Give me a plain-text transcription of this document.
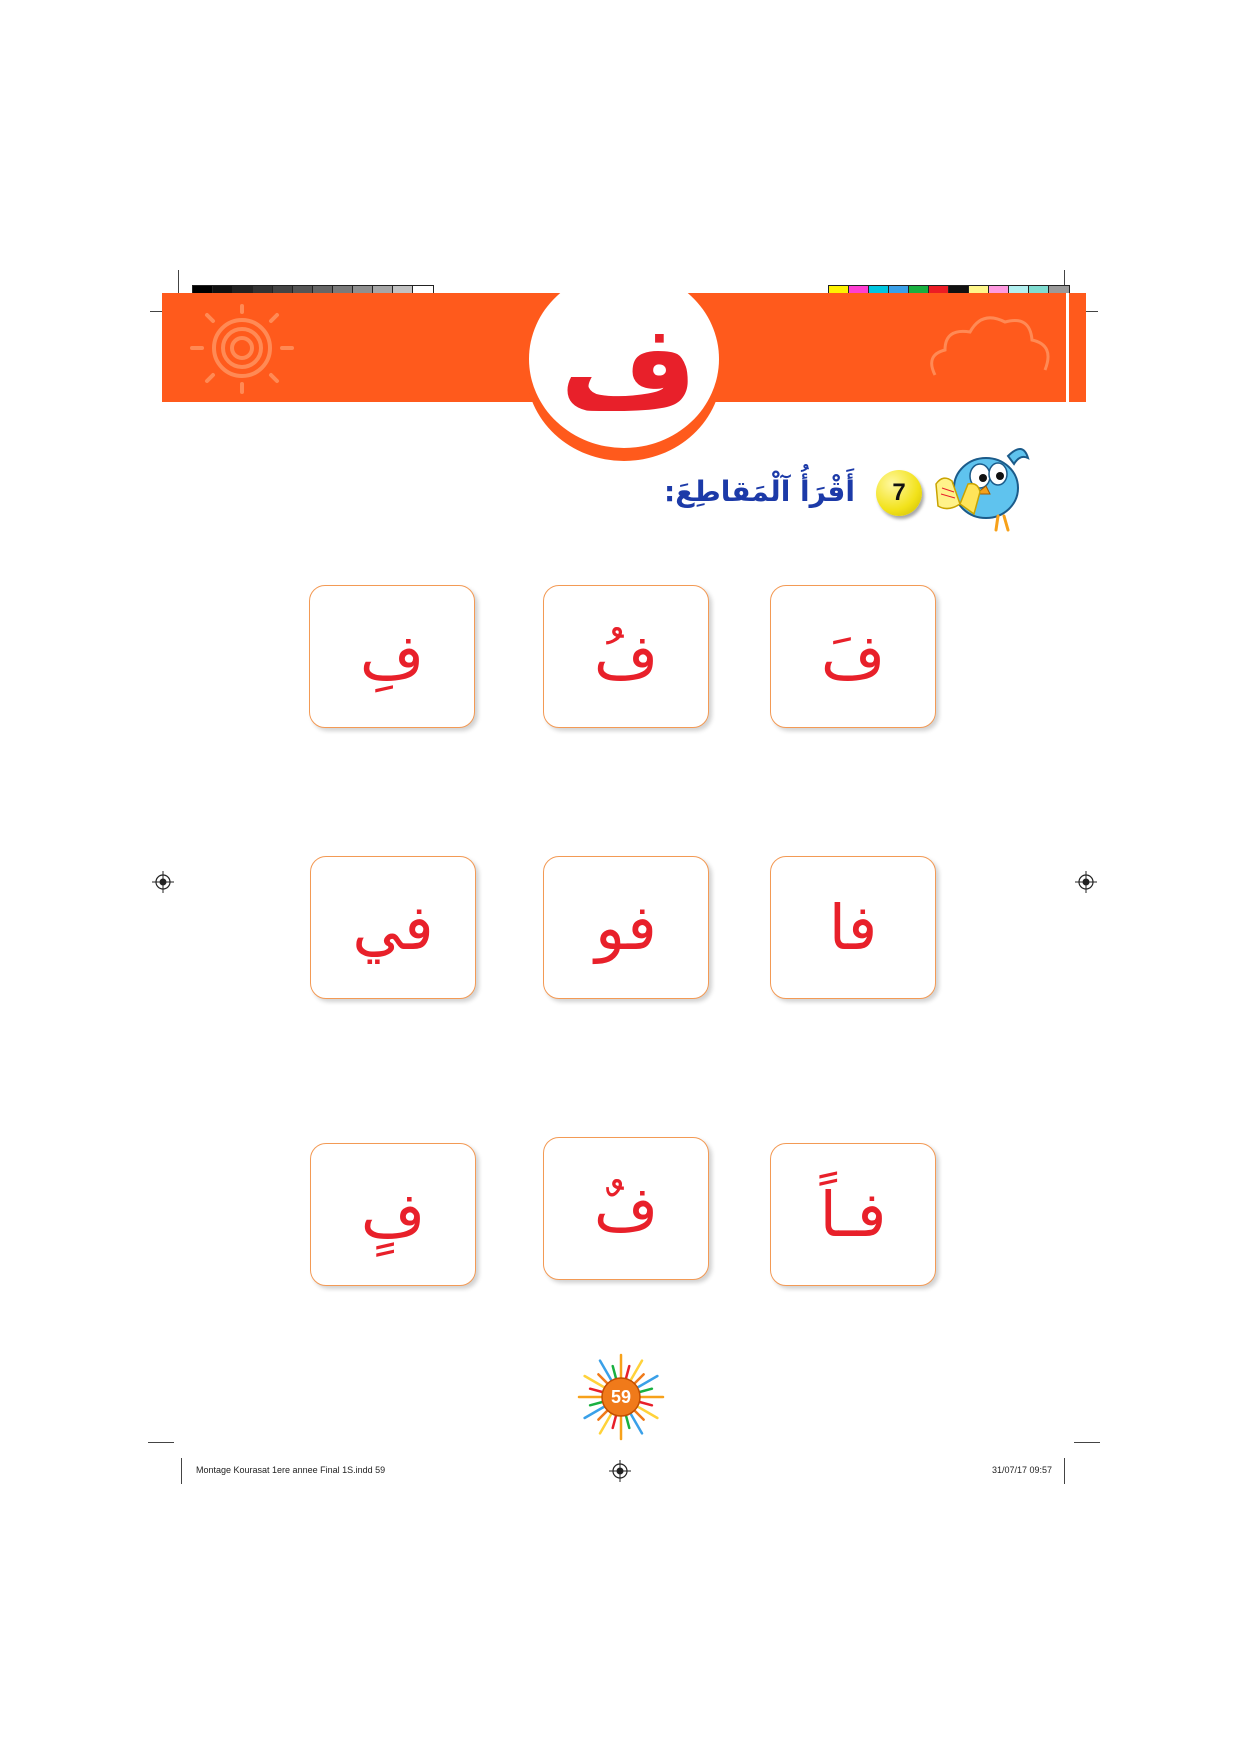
ف
7
أَقْرَأُ آلْمَقاطِعَ:
فِ	فُ	فَ
في	فو	فا
فٍ	فٌ	فـاً
59
Montage Kourasat 1ere annee Final 1S.indd 59	31/07/17 09:57
